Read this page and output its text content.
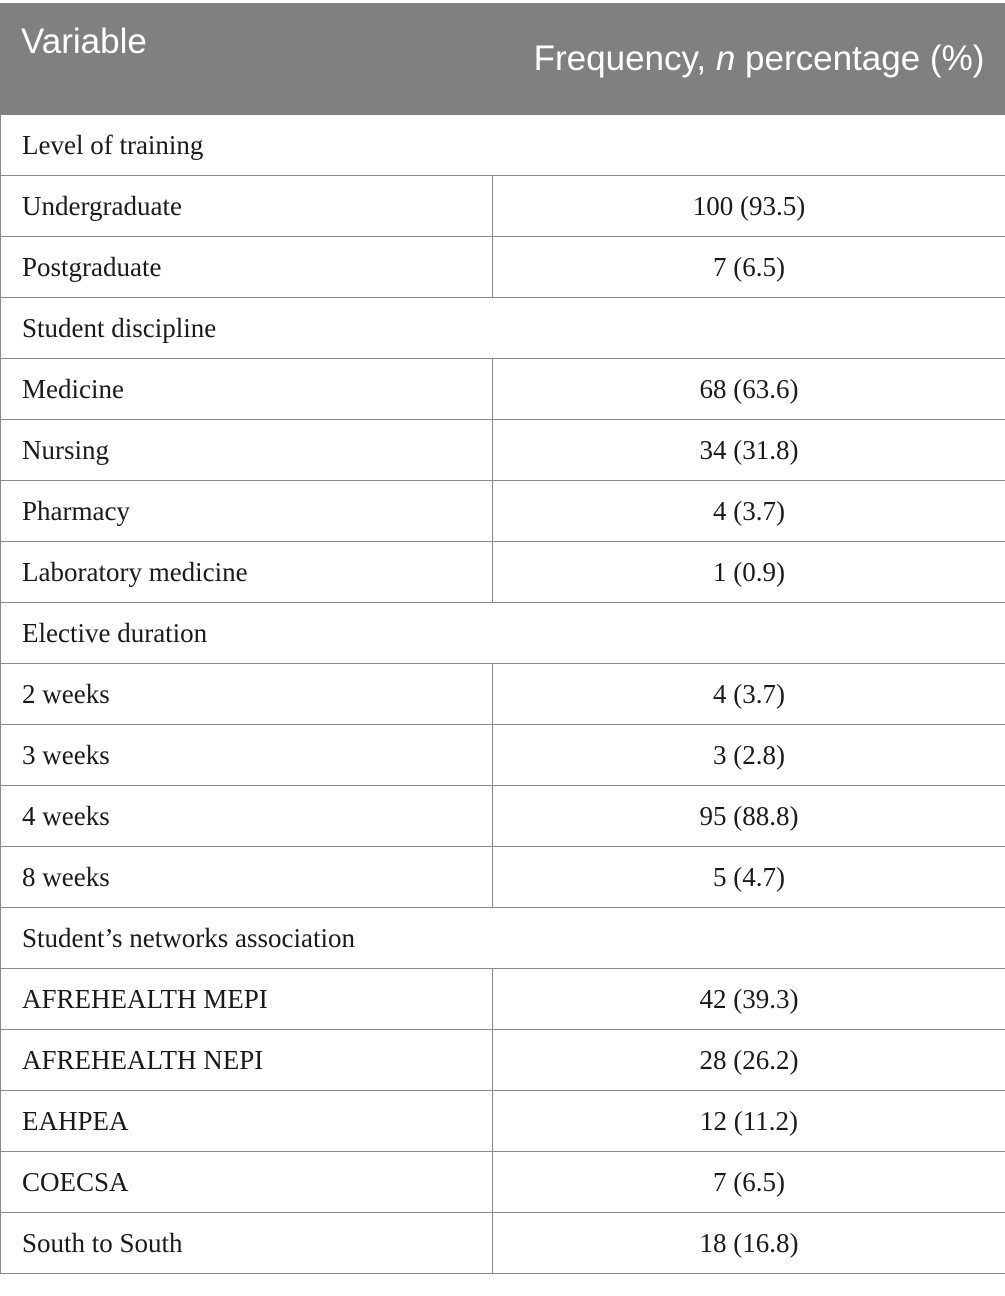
Variable	Frequency, n percentage (%)
Level of training	
Undergraduate	100 (93.5)
Postgraduate	7 (6.5)
Student discipline	
Medicine	68 (63.6)
Nursing	34 (31.8)
Pharmacy	4 (3.7)
Laboratory medicine	1 (0.9)
Elective duration	
2 weeks	4 (3.7)
3 weeks	3 (2.8)
4 weeks	95 (88.8)
8 weeks	5 (4.7)
Student’s networks association	
AFREHEALTH MEPI	42 (39.3)
AFREHEALTH NEPI	28 (26.2)
EAHPEA	12 (11.2)
COECSA	7 (6.5)
South to South	18 (16.8)
